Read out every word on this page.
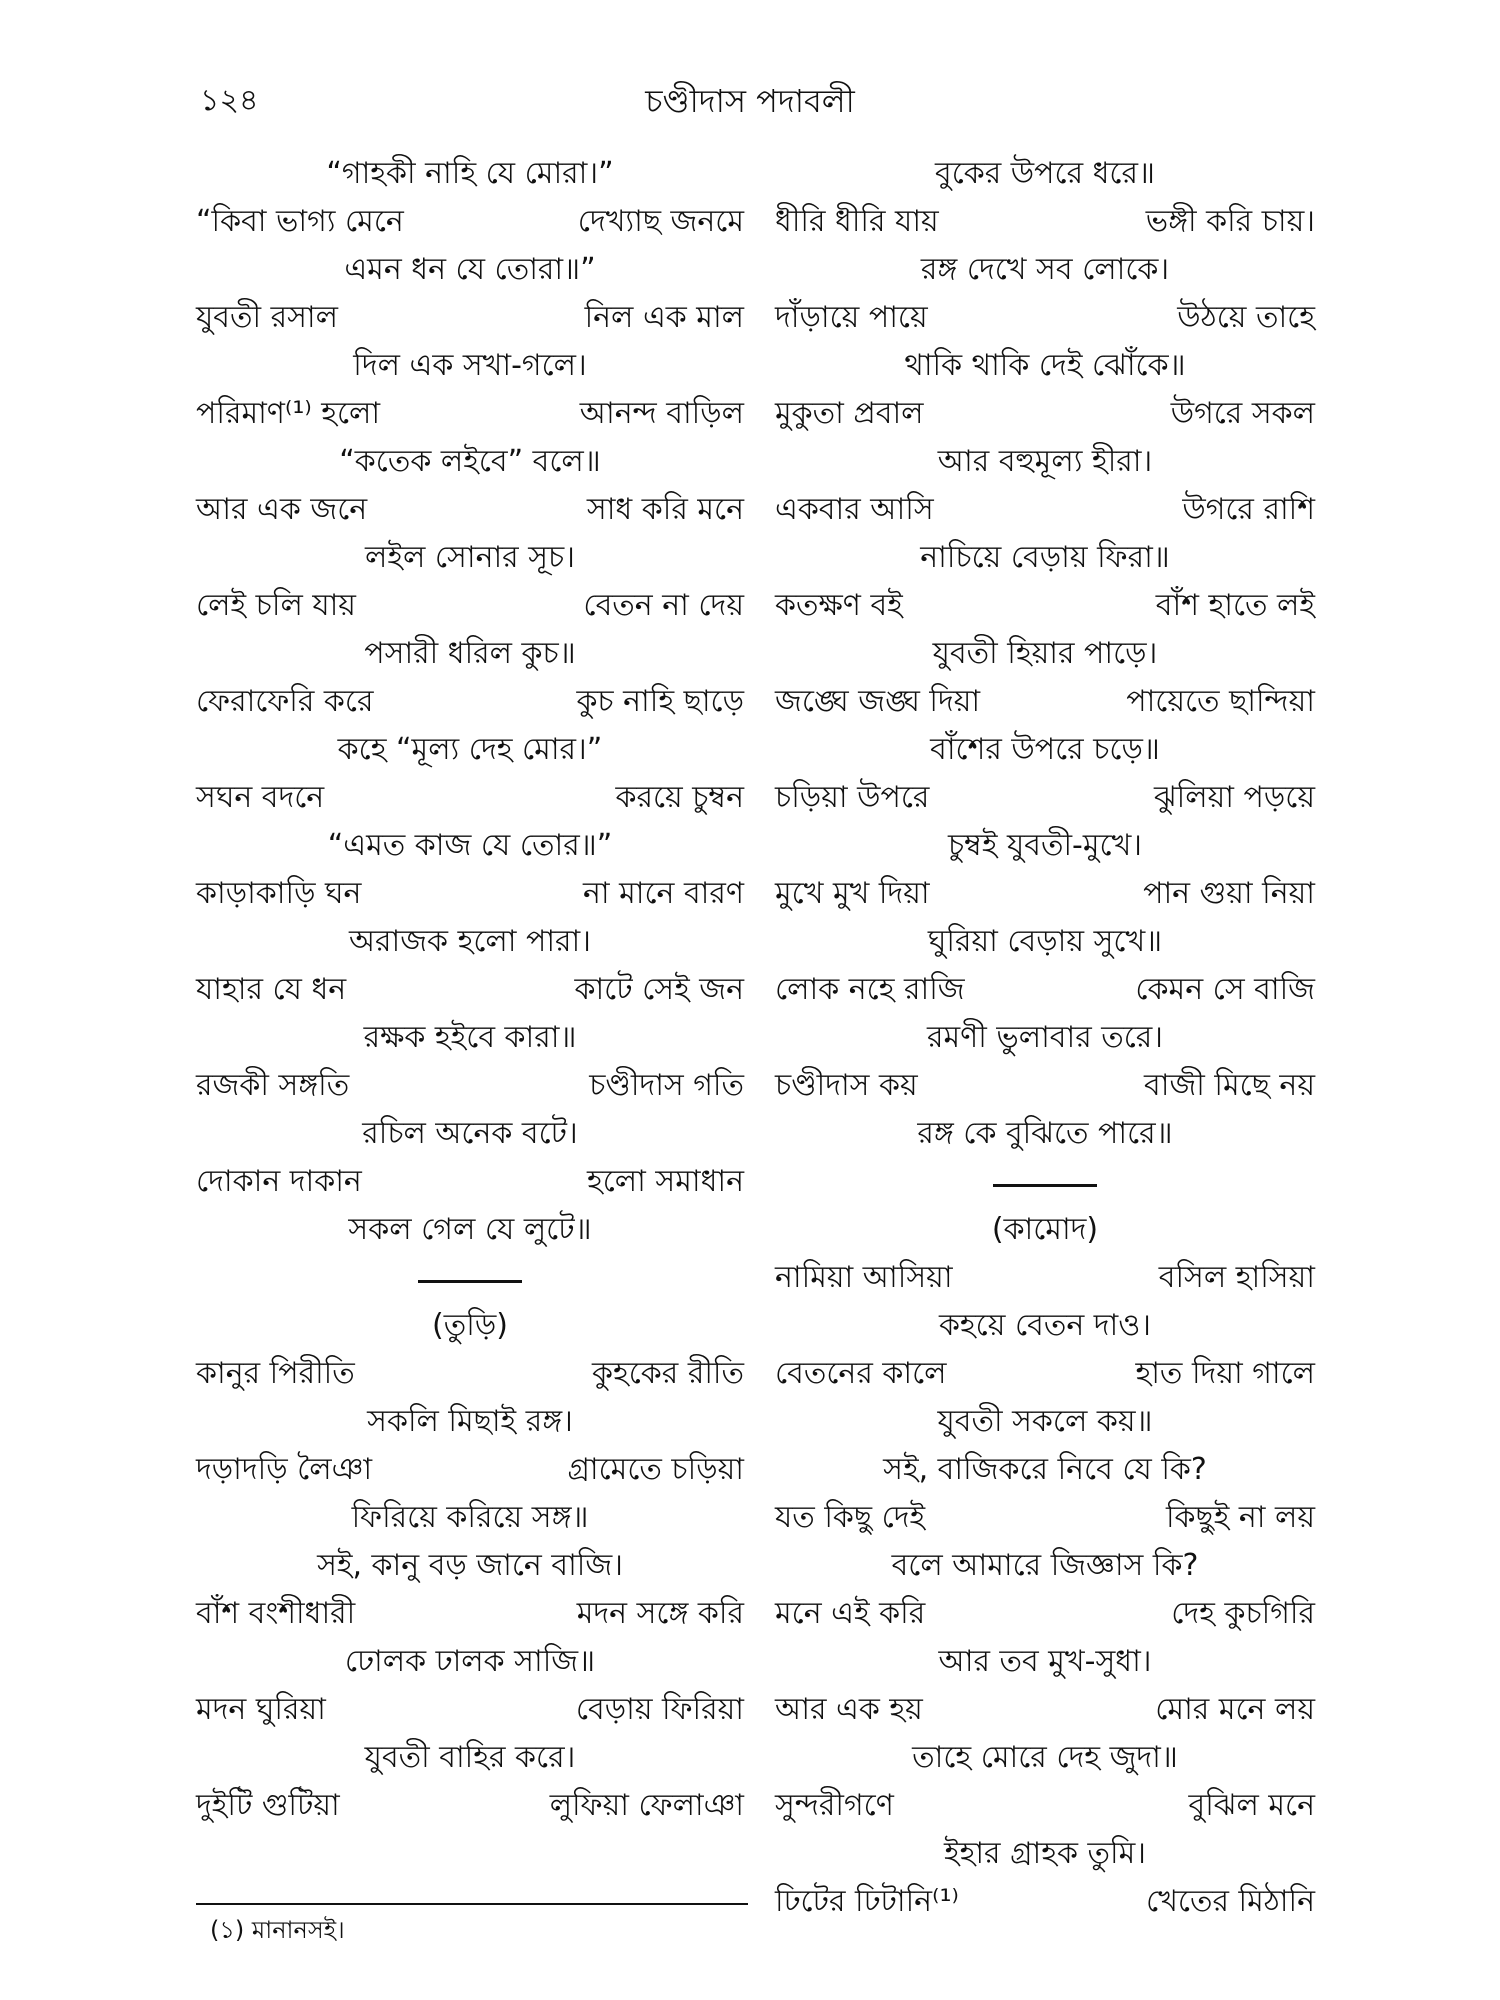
১২৪	চণ্ডীদাস পদাবলী
“গাহকী নাহি যে মোরা।”
“কিবা ভাগ্য মেনে	দেখ্যাছ জনমে
এমন ধন যে তোরা॥”
যুবতী রসাল	নিল এক মাল
দিল এক সখা-গলে।
পরিমাণ⁽¹⁾ হলো	আনন্দ বাড়িল
“কতেক লইবে” বলে॥
আর এক জনে	সাধ করি মনে
লইল সোনার সূচ।
লেই চলি যায়	বেতন না দেয়
পসারী ধরিল কুচ॥
ফেরাফেরি করে	কুচ নাহি ছাড়ে
কহে “মূল্য দেহ মোর।”
সঘন বদনে	করয়ে চুম্বন
“এমত কাজ যে তোর॥”
কাড়াকাড়ি ঘন	না মানে বারণ
অরাজক হলো পারা।
যাহার যে ধন	কাটে সেই জন
রক্ষক হইবে কারা॥
রজকী সঙ্গতি	চণ্ডীদাস গতি
রচিল অনেক বটে।
দোকান দাকান	হলো সমাধান
সকল গেল যে লুটে॥
(তুড়ি)
কানুর পিরীতি	কুহকের রীতি
সকলি মিছাই রঙ্গ।
দড়াদড়ি লৈঞা	গ্রামেতে চড়িয়া
ফিরিয়ে করিয়ে সঙ্গ॥
সই, কানু বড় জানে বাজি।
বাঁশ বংশীধারী	মদন সঙ্গে করি
ঢোলক ঢালক সাজি॥
মদন ঘুরিয়া	বেড়ায় ফিরিয়া
যুবতী বাহির করে।
দুইটি গুটিয়া	লুফিয়া ফেলাঞা
বুকের উপরে ধরে॥
ধীরি ধীরি যায়	ভঙ্গী করি চায়।
রঙ্গ দেখে সব লোকে।
দাঁড়ায়ে পায়ে	উঠয়ে তাহে
থাকি থাকি দেই ঝোঁকে॥
মুকুতা প্রবাল	উগরে সকল
আর বহুমূল্য হীরা।
একবার আসি	উগরে রাশি
নাচিয়ে বেড়ায় ফিরা॥
কতক্ষণ বই	বাঁশ হাতে লই
যুবতী হিয়ার পাড়ে।
জঙ্ঘে জঙ্ঘ দিয়া	পায়েতে ছান্দিয়া
বাঁশের উপরে চড়ে॥
চড়িয়া উপরে	ঝুলিয়া পড়য়ে
চুম্বই যুবতী-মুখে।
মুখে মুখ দিয়া	পান গুয়া নিয়া
ঘুরিয়া বেড়ায় সুখে॥
লোক নহে রাজি	কেমন সে বাজি
রমণী ভুলাবার তরে।
চণ্ডীদাস কয়	বাজী মিছে নয়
রঙ্গ কে বুঝিতে পারে॥
(কামোদ)
নামিয়া আসিয়া	বসিল হাসিয়া
কহয়ে বেতন দাও।
বেতনের কালে	হাত দিয়া গালে
যুবতী সকলে কয়॥
সই, বাজিকরে নিবে যে কি?
যত কিছু দেই	কিছুই না লয়
বলে আমারে জিজ্ঞাস কি?
মনে এই করি	দেহ কুচগিরি
আর তব মুখ-সুধা।
আর এক হয়	মোর মনে লয়
তাহে মোরে দেহ জুদা॥
সুন্দরীগণে	বুঝিল মনে
ইহার গ্রাহক তুমি।
ঢিটের ঢিটানি⁽¹⁾	খেতের মিঠানি
(১) মানানসই।
